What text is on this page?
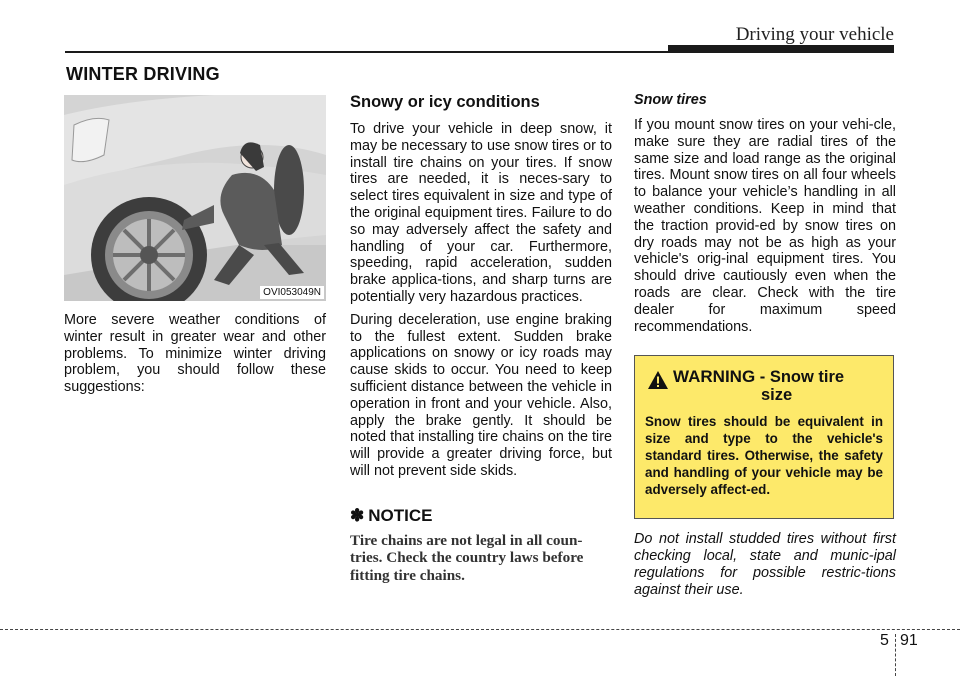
Driving your vehicle
WINTER DRIVING
OVI053049N

More severe weather conditions of winter result in greater wear and other problems. To minimize winter driving problem, you should follow these suggestions:

Snowy or icy conditions

To drive your vehicle in deep snow, it may be necessary to use snow tires or to install tire chains on your tires. If snow tires are needed, it is neces-sary to select tires equivalent in size and type of the original equipment tires. Failure to do so may adversely affect the safety and handling of your car. Furthermore, speeding, rapid acceleration, sudden brake applica-tions, and sharp turns are potentially very hazardous practices.

During deceleration, use engine braking to the fullest extent. Sudden brake applications on snowy or icy roads may cause skids to occur. You need to keep sufficient distance between the vehicle in operation in front and your vehicle. Also, apply the brake gently. It should be noted that installing tire chains on the tire will provide a greater driving force, but will not prevent side skids.

✽ NOTICE

Tire chains are not legal in all coun-tries. Check the country laws before fitting tire chains.

Snow tires

If you mount snow tires on your vehi-cle, make sure they are radial tires of the same size and load range as the original tires. Mount snow tires on all four wheels to balance your vehicle’s handling in all weather conditions. Keep in mind that the traction provid-ed by snow tires on dry roads may not be as high as your vehicle's orig-inal equipment tires. You should drive cautiously even when the roads are clear. Check with the tire dealer for maximum speed recommendations.

WARNING - Snow tire
size

Snow tires should be equivalent in size and type to the vehicle's standard tires. Otherwise, the safety and handling of your vehicle may be adversely affect-ed.

Do not install studded tires without first checking local, state and munic-ipal regulations for possible restric-tions against their use.

5 91
